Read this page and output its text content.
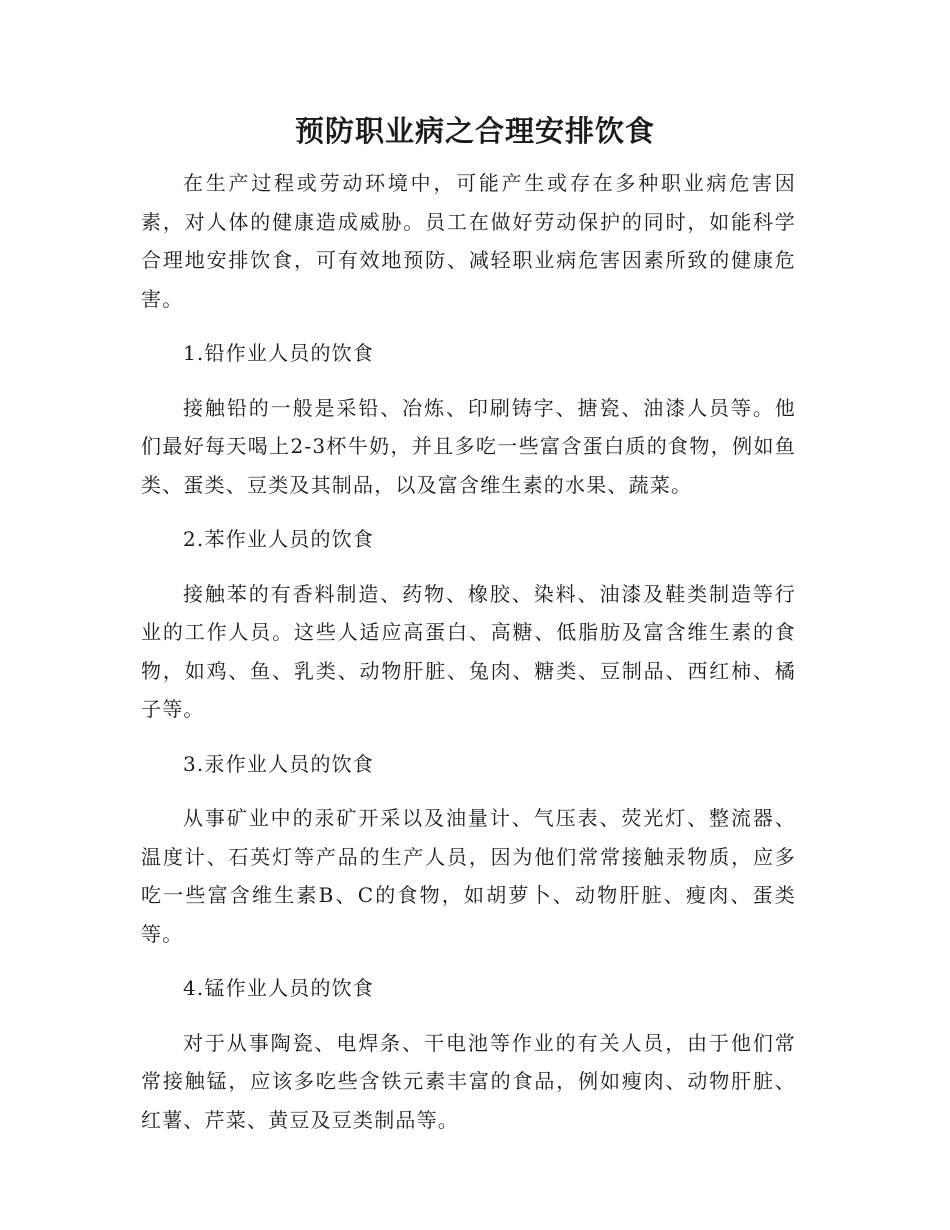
预防职业病之合理安排饮食

在生产过程或劳动环境中，可能产生或存在多种职业病危害因素，对人体的健康造成威胁。员工在做好劳动保护的同时，如能科学合理地安排饮食，可有效地预防、减轻职业病危害因素所致的健康危害。

1.铅作业人员的饮食

接触铅的一般是采铅、冶炼、印刷铸字、搪瓷、油漆人员等。他们最好每天喝上2-3杯牛奶，并且多吃一些富含蛋白质的食物，例如鱼类、蛋类、豆类及其制品，以及富含维生素的水果、蔬菜。

2.苯作业人员的饮食

接触苯的有香料制造、药物、橡胶、染料、油漆及鞋类制造等行业的工作人员。这些人适应高蛋白、高糖、低脂肪及富含维生素的食物，如鸡、鱼、乳类、动物肝脏、兔肉、糖类、豆制品、西红柿、橘子等。

3.汞作业人员的饮食

从事矿业中的汞矿开采以及油量计、气压表、荧光灯、整流器、温度计、石英灯等产品的生产人员，因为他们常常接触汞物质，应多吃一些富含维生素B、C的食物，如胡萝卜、动物肝脏、瘦肉、蛋类等。

4.锰作业人员的饮食

对于从事陶瓷、电焊条、干电池等作业的有关人员，由于他们常常接触锰，应该多吃些含铁元素丰富的食品，例如瘦肉、动物肝脏、红薯、芹菜、黄豆及豆类制品等。
